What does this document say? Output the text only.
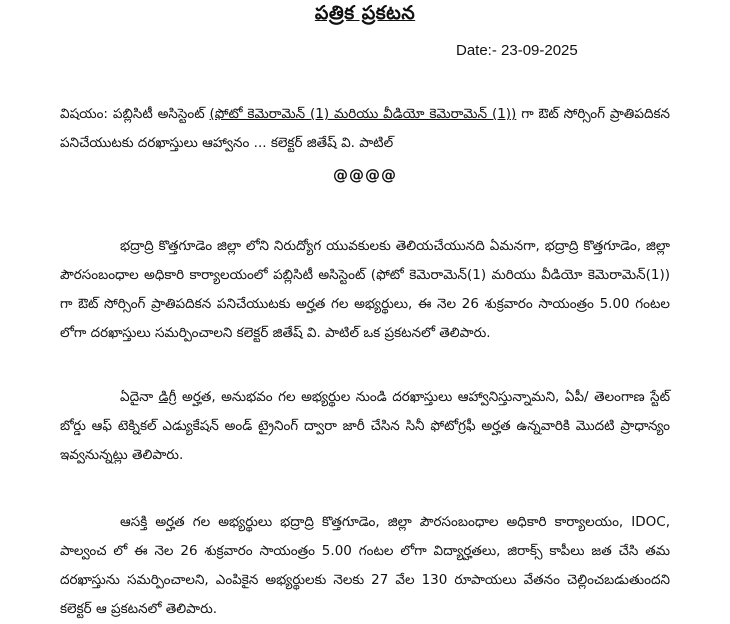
పత్రిక ప్రకటన
Date:- 23-09-2025
విషయం: పబ్లిసిటీ అసిస్టెంట్ (ఫోటో కెమెరామెన్ (1) మరియు వీడియో కెమెరామెన్ (1)) గా ఔట్ సోర్సింగ్ ప్రాతిపదికన పనిచేయుటకు దరఖాస్తులు ఆహ్వానం ... కలెక్టర్ జితేష్ వి. పాటిల్
@@@@
భద్రాద్రి కొత్తగూడెం జిల్లా లోని నిరుద్యోగ యువకులకు తెలియచేయునది ఏమనగా, భద్రాద్రి కొత్తగూడెం, జిల్లా పౌరసంబంధాల అధికారి కార్యాలయంలో పబ్లిసిటీ అసిస్టెంట్ (ఫోటో కెమెరామెన్(1) మరియు వీడియో కెమెరామెన్(1)) గా ఔట్ సోర్సింగ్ ప్రాతిపదికన పనిచేయుటకు అర్హత గల అభ్యర్థులు, ఈ నెల 26 శుక్రవారం సాయంత్రం 5.00 గంటల లోగా దరఖాస్తులు సమర్పించాలని కలెక్టర్ జితేష్ వి. పాటిల్ ఒక ప్రకటనలో తెలిపారు.
ఏదైనా డిగ్రీ అర్హత, అనుభవం గల అభ్యర్థుల నుండి దరఖాస్తులు ఆహ్వానిస్తున్నామని, ఏపీ/ తెలంగాణ స్టేట్ బోర్డు ఆఫ్ టెక్నికల్ ఎడ్యుకేషన్ అండ్ ట్రైనింగ్ ద్వారా జారీ చేసిన సినీ ఫోటోగ్రఫీ అర్హత ఉన్నవారికి మొదటి ప్రాధాన్యం ఇవ్వనున్నట్లు తెలిపారు.
ఆసక్తి అర్హత గల అభ్యర్థులు భద్రాద్రి కొత్తగూడెం, జిల్లా పౌరసంబంధాల అధికారి కార్యాలయం, IDOC, పాల్వంచ లో ఈ నెల 26 శుక్రవారం సాయంత్రం 5.00 గంటల లోగా విద్యార్హతలు, జిరాక్స్ కాపీలు జత చేసి తమ దరఖాస్తును సమర్పించాలని, ఎంపికైన అభ్యర్థులకు నెలకు 27 వేల 130 రూపాయలు వేతనం చెల్లించబడుతుందని కలెక్టర్ ఆ ప్రకటనలో తెలిపారు.
